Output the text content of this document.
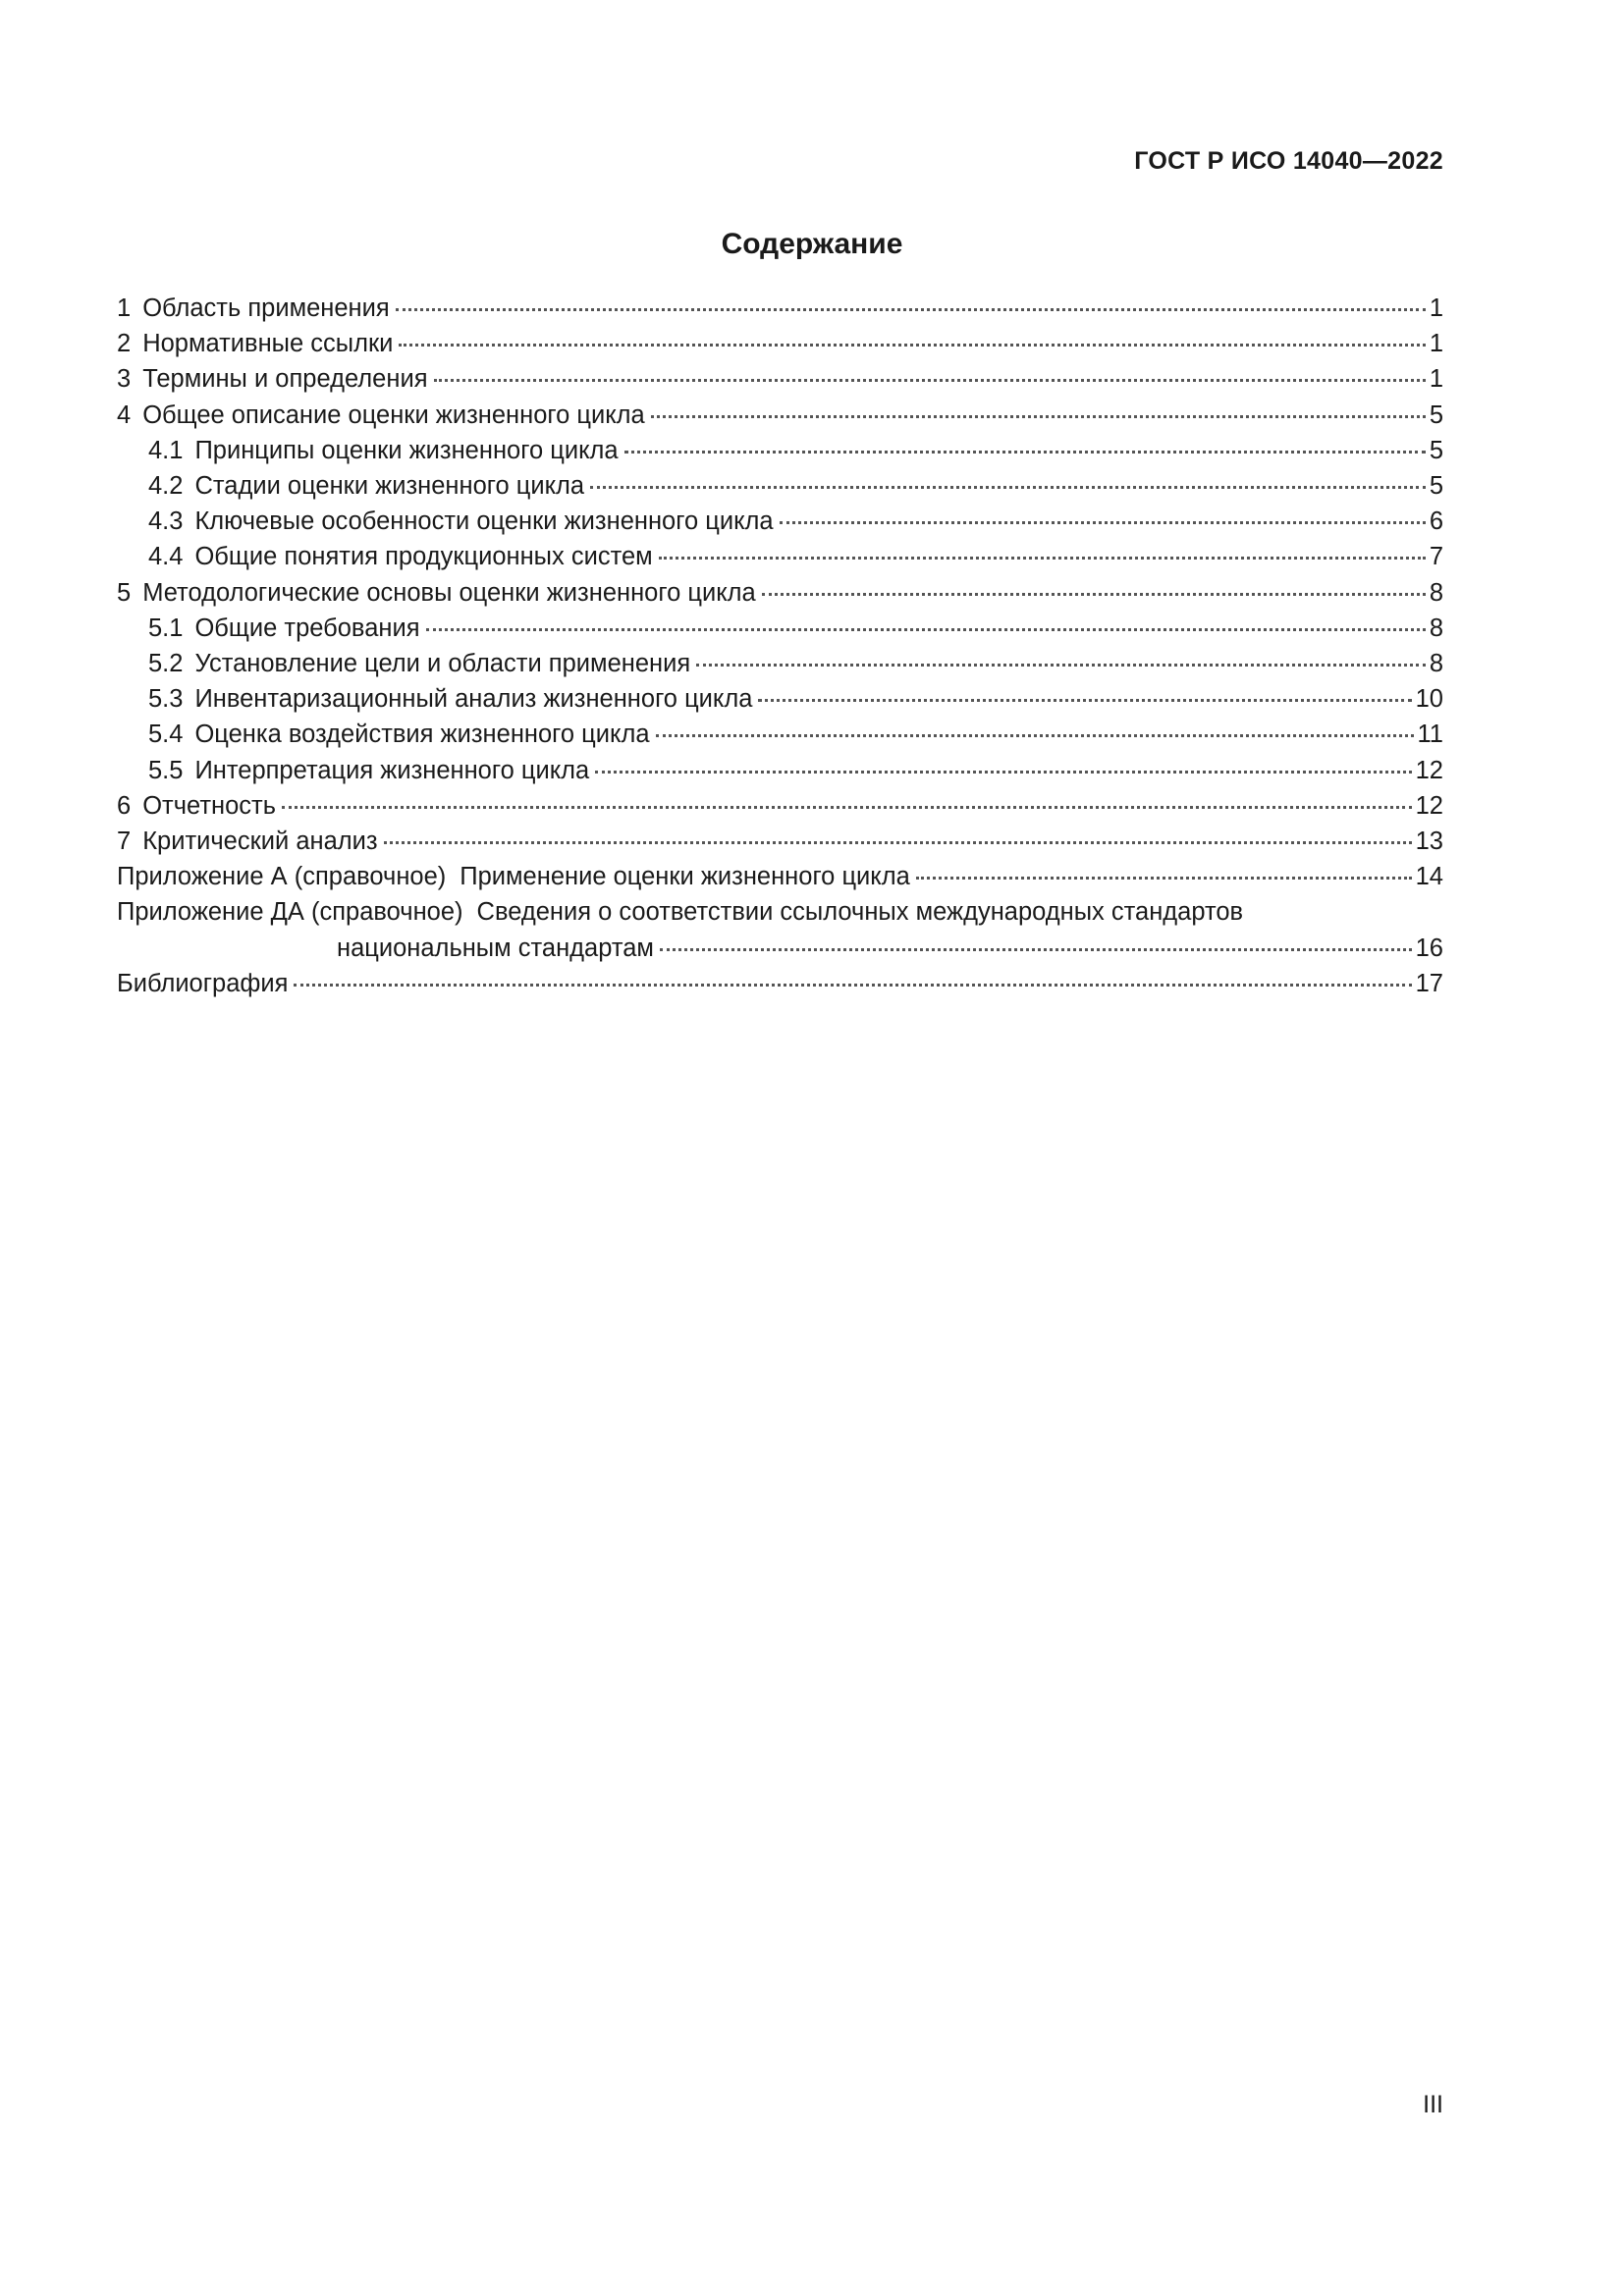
ГОСТ Р ИСО 14040—2022
Содержание
1 Область применения	1
2 Нормативные ссылки	1
3 Термины и определения	1
4 Общее описание оценки жизненного цикла	5
4.1 Принципы оценки жизненного цикла	5
4.2 Стадии оценки жизненного цикла	5
4.3 Ключевые особенности оценки жизненного цикла	6
4.4 Общие понятия продукционных систем	7
5 Методологические основы оценки жизненного цикла	8
5.1 Общие требования	8
5.2 Установление цели и области применения	8
5.3 Инвентаризационный анализ жизненного цикла	10
5.4 Оценка воздействия жизненного цикла	11
5.5 Интерпретация жизненного цикла	12
6 Отчетность	12
7 Критический анализ	13
Приложение А (справочное) Применение оценки жизненного цикла	14
Приложение ДА (справочное) Сведения о соответствии ссылочных международных стандартов
национальным стандартам	16
Библиография	17
III
